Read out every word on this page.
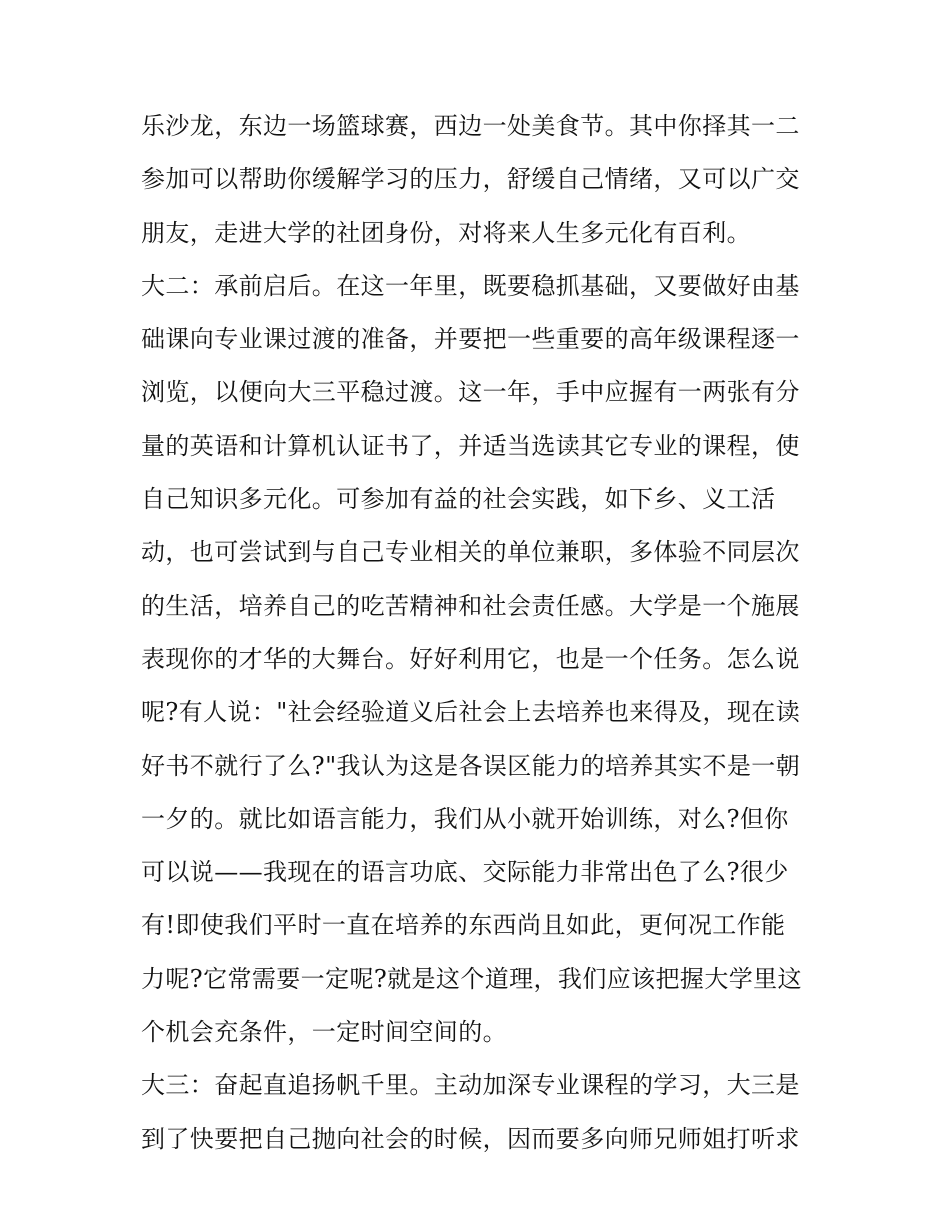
乐沙龙，东边一场篮球赛，西边一处美食节。其中你择其一二
参加可以帮助你缓解学习的压力，舒缓自己情绪，又可以广交
朋友，走进大学的社团身份，对将来人生多元化有百利。
大二：承前启后。在这一年里，既要稳抓基础，又要做好由基
础课向专业课过渡的准备，并要把一些重要的高年级课程逐一
浏览，以便向大三平稳过渡。这一年，手中应握有一两张有分
量的英语和计算机认证书了，并适当选读其它专业的课程，使
自己知识多元化。可参加有益的社会实践，如下乡、义工活
动，也可尝试到与自己专业相关的单位兼职，多体验不同层次
的生活，培养自己的吃苦精神和社会责任感。大学是一个施展
表现你的才华的大舞台。好好利用它，也是一个任务。怎么说
呢?有人说："社会经验道义后社会上去培养也来得及，现在读
好书不就行了么?"我认为这是各误区能力的培养其实不是一朝
一夕的。就比如语言能力，我们从小就开始训练，对么?但你
可以说——我现在的语言功底、交际能力非常出色了么?很少
有!即使我们平时一直在培养的东西尚且如此，更何况工作能
力呢?它常需要一定呢?就是这个道理，我们应该把握大学里这
个机会充条件，一定时间空间的。
大三：奋起直追扬帆千里。主动加深专业课程的学习，大三是
到了快要把自己抛向社会的时候，因而要多向师兄师姐打听求
